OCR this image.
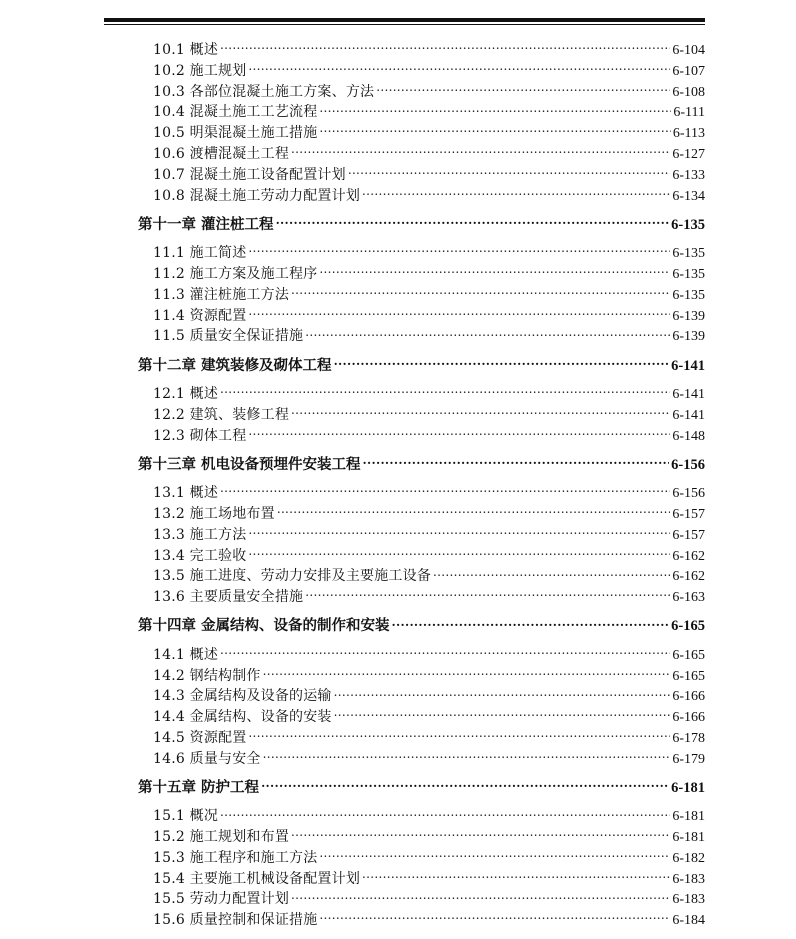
10.1 概述 .....	6-104
10.2 施工规划 .....	6-107
10.3 各部位混凝土施工方案、方法 .....	6-108
10.4 混凝土施工工艺流程 .....	6-111
10.5 明渠混凝土施工措施 .....	6-113
10.6 渡槽混凝土工程 .....	6-127
10.7 混凝土施工设备配置计划 .....	6-133
10.8 混凝土施工劳动力配置计划 .....	6-134
第十一章 灌注桩工程 .....	6-135
11.1 施工简述 .....	6-135
11.2 施工方案及施工程序 .....	6-135
11.3 灌注桩施工方法 .....	6-135
11.4 资源配置 .....	6-139
11.5 质量安全保证措施 .....	6-139
第十二章 建筑装修及砌体工程 .....	6-141
12.1 概述 .....	6-141
12.2 建筑、装修工程 .....	6-141
12.3 砌体工程 .....	6-148
第十三章 机电设备预埋件安装工程 .....	6-156
13.1 概述 .....	6-156
13.2 施工场地布置 .....	6-157
13.3 施工方法 .....	6-157
13.4 完工验收 .....	6-162
13.5 施工进度、劳动力安排及主要施工设备 .....	6-162
13.6 主要质量安全措施 .....	6-163
第十四章 金属结构、设备的制作和安装 .....	6-165
14.1 概述 .....	6-165
14.2 钢结构制作 .....	6-165
14.3 金属结构及设备的运输 .....	6-166
14.4 金属结构、设备的安装 .....	6-166
14.5 资源配置 .....	6-178
14.6 质量与安全 .....	6-179
第十五章 防护工程 .....	6-181
15.1 概况 .....	6-181
15.2 施工规划和布置 .....	6-181
15.3 施工程序和施工方法 .....	6-182
15.4 主要施工机械设备配置计划 .....	6-183
15.5 劳动力配置计划 .....	6-183
15.6 质量控制和保证措施 .....	6-184
